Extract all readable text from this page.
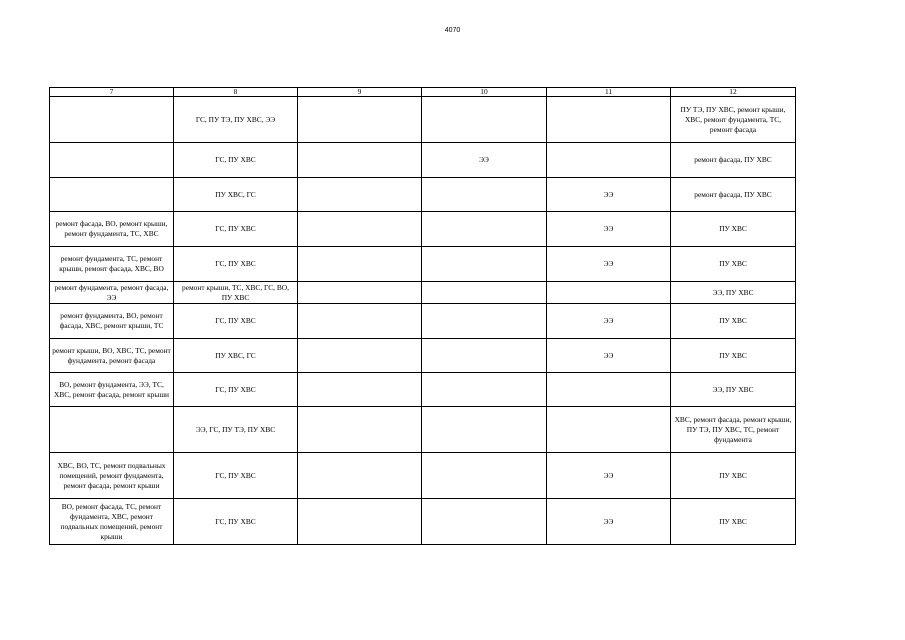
4070
7	8	9	10	11	12
	ГС, ПУ ТЭ, ПУ ХВС, ЭЭ				ПУ ТЭ, ПУ ХВС, ремонт крыши, ХВС, ремонт фундамента, ТС, ремонт фасада
	ГС, ПУ ХВС		ЭЭ		ремонт фасада, ПУ ХВС
	ПУ ХВС, ГС			ЭЭ	ремонт фасада, ПУ ХВС
ремонт фасада, ВО, ремонт крыши, ремонт фундамента, ТС, ХВС	ГС, ПУ ХВС			ЭЭ	ПУ ХВС
ремонт фундамента, ТС, ремонт крыши, ремонт фасада, ХВС, ВО	ГС, ПУ ХВС			ЭЭ	ПУ ХВС
ремонт фундамента, ремонт фасада, ЭЭ	ремонт крыши, ТС, ХВС, ГС, ВО, ПУ ХВС				ЭЭ, ПУ ХВС
ремонт фундамента, ВО, ремонт фасада, ХВС, ремонт крыши, ТС	ГС, ПУ ХВС			ЭЭ	ПУ ХВС
ремонт крыши, ВО, ХВС, ТС, ремонт фундамента, ремонт фасада	ПУ ХВС, ГС			ЭЭ	ПУ ХВС
ВО, ремонт фундамента, ЭЭ, ТС, ХВС, ремонт фасада, ремонт крыши	ГС, ПУ ХВС				ЭЭ, ПУ ХВС
	ЭЭ, ГС, ПУ ТЭ, ПУ ХВС				ХВС, ремонт фасада, ремонт крыши, ПУ ТЭ, ПУ ХВС, ТС, ремонт фундамента
ХВС, ВО, ТС, ремонт подвальных помещений, ремонт фундамента, ремонт фасада, ремонт крыши	ГС, ПУ ХВС			ЭЭ	ПУ ХВС
ВО, ремонт фасада, ТС, ремонт фундамента, ХВС, ремонт подвальных помещений, ремонт крыши	ГС, ПУ ХВС			ЭЭ	ПУ ХВС
